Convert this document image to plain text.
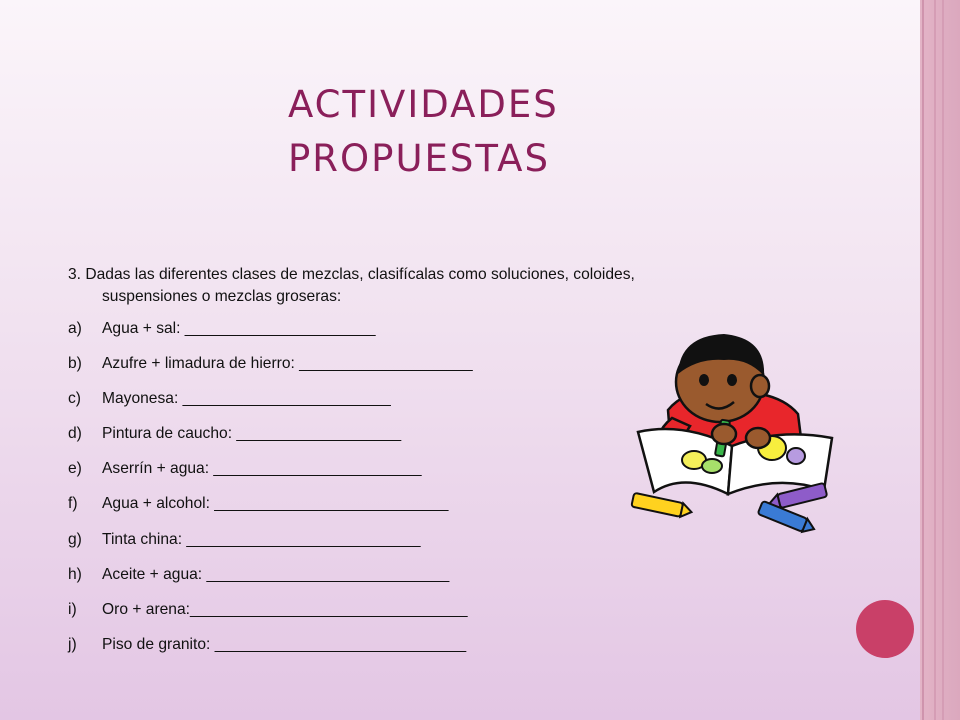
ACTIVIDADES
PROPUESTAS

3. Dadas las diferentes clases de mezclas, clasifícalas como soluciones, coloides,
suspensiones o mezclas groseras:

a)	Agua + sal: ______________________
b)	Azufre + limadura de hierro: ____________________
c)	Mayonesa: ________________________
d)	Pintura de caucho: ___________________
e)	Aserrín + agua: ________________________
f)	Agua + alcohol: ___________________________
g)	Tinta china: ___________________________
h)	Aceite + agua: ____________________________
i)	Oro + arena:________________________________
j)	Piso de granito: _____________________________
